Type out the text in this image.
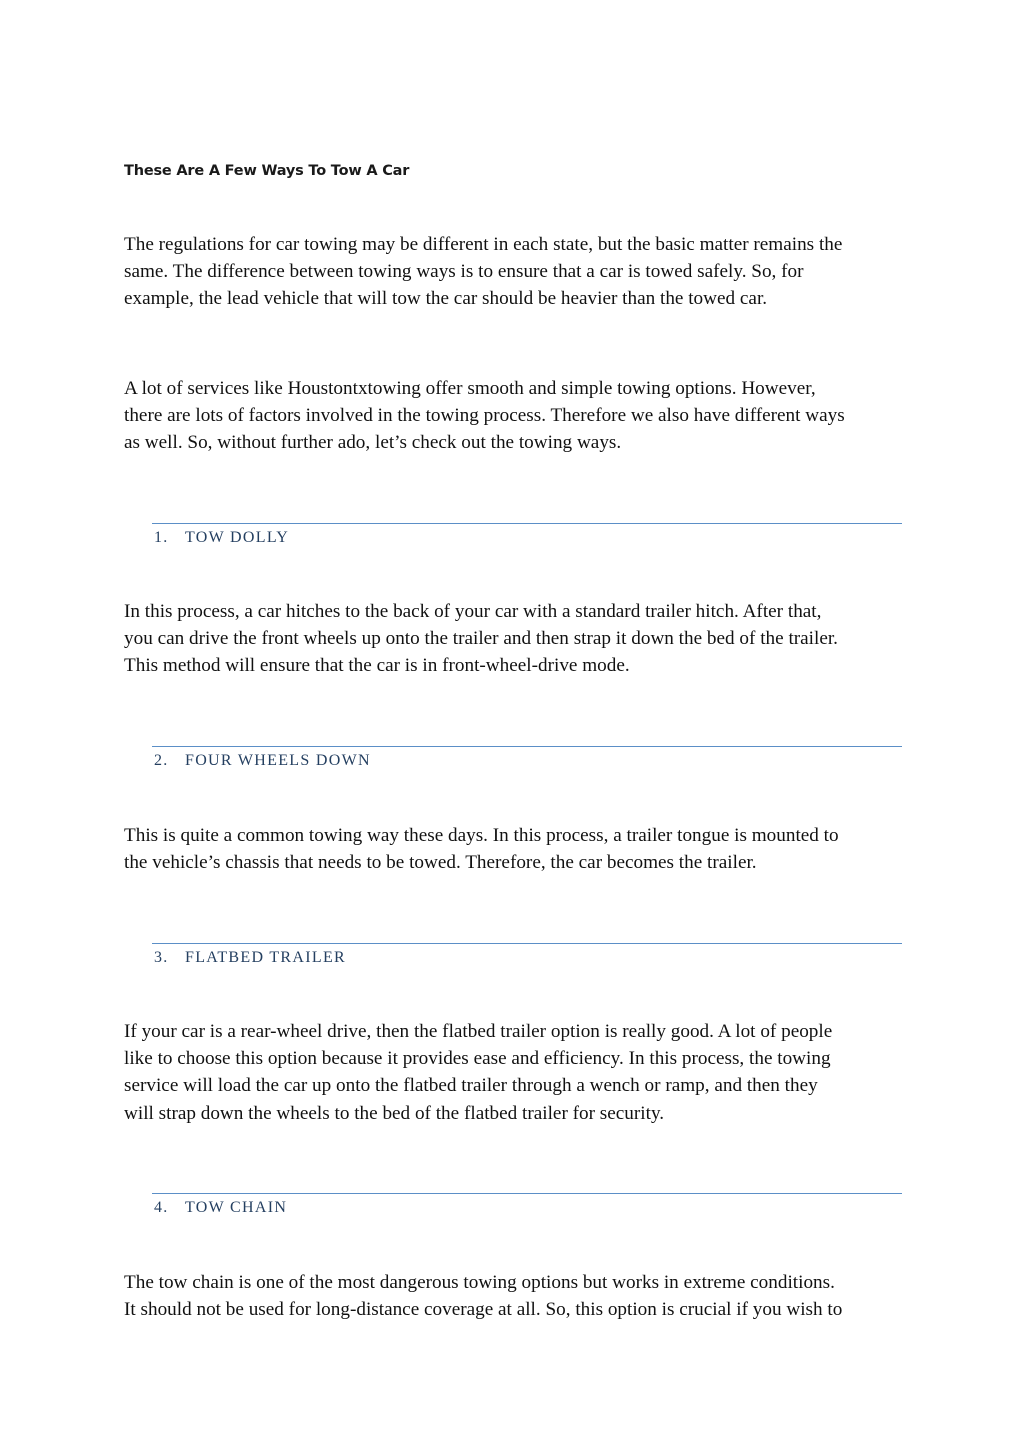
These Are A Few Ways To Tow A Car

The regulations for car towing may be different in each state, but the basic matter remains the
same. The difference between towing ways is to ensure that a car is towed safely. So, for
example, the lead vehicle that will tow the car should be heavier than the towed car.

A lot of services like Houstontxtowing offer smooth and simple towing options. However,
there are lots of factors involved in the towing process. Therefore we also have different ways
as well. So, without further ado, let’s check out the towing ways.

1. TOW DOLLY

In this process, a car hitches to the back of your car with a standard trailer hitch. After that,
you can drive the front wheels up onto the trailer and then strap it down the bed of the trailer.
This method will ensure that the car is in front-wheel-drive mode.

2. FOUR WHEELS DOWN

This is quite a common towing way these days. In this process, a trailer tongue is mounted to
the vehicle’s chassis that needs to be towed. Therefore, the car becomes the trailer.

3. FLATBED TRAILER

If your car is a rear-wheel drive, then the flatbed trailer option is really good. A lot of people
like to choose this option because it provides ease and efficiency. In this process, the towing
service will load the car up onto the flatbed trailer through a wench or ramp, and then they
will strap down the wheels to the bed of the flatbed trailer for security.

4. TOW CHAIN

The tow chain is one of the most dangerous towing options but works in extreme conditions.
It should not be used for long-distance coverage at all. So, this option is crucial if you wish to
